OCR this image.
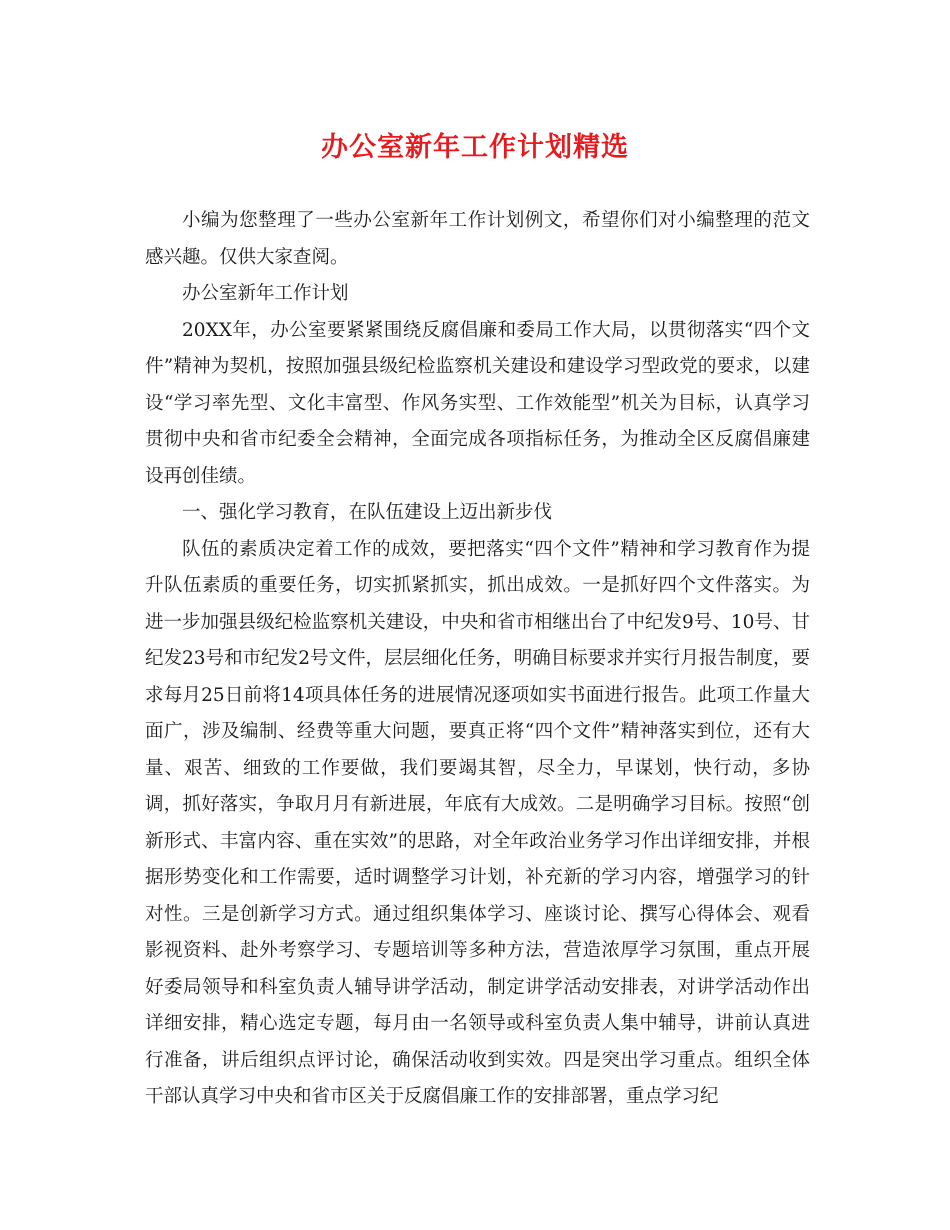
办公室新年工作计划精选

小编为您整理了一些办公室新年工作计划例文，希望你们对小编整理的范文感兴趣。仅供大家查阅。

办公室新年工作计划

20XX年，办公室要紧紧围绕反腐倡廉和委局工作大局，以贯彻落实“四个文件”精神为契机，按照加强县级纪检监察机关建设和建设学习型政党的要求，以建设“学习率先型、文化丰富型、作风务实型、工作效能型”机关为目标，认真学习贯彻中央和省市纪委全会精神，全面完成各项指标任务，为推动全区反腐倡廉建设再创佳绩。

一、强化学习教育，在队伍建设上迈出新步伐

队伍的素质决定着工作的成效，要把落实“四个文件”精神和学习教育作为提升队伍素质的重要任务，切实抓紧抓实，抓出成效。一是抓好四个文件落实。为进一步加强县级纪检监察机关建设，中央和省市相继出台了中纪发9号、10号、甘纪发23号和市纪发2号文件，层层细化任务，明确目标要求并实行月报告制度，要求每月25日前将14项具体任务的进展情况逐项如实书面进行报告。此项工作量大面广，涉及编制、经费等重大问题，要真正将“四个文件”精神落实到位，还有大量、艰苦、细致的工作要做，我们要竭其智，尽全力，早谋划，快行动，多协调，抓好落实，争取月月有新进展，年底有大成效。二是明确学习目标。按照“创新形式、丰富内容、重在实效”的思路，对全年政治业务学习作出详细安排，并根据形势变化和工作需要，适时调整学习计划，补充新的学习内容，增强学习的针对性。三是创新学习方式。通过组织集体学习、座谈讨论、撰写心得体会、观看影视资料、赴外考察学习、专题培训等多种方法，营造浓厚学习氛围，重点开展好委局领导和科室负责人辅导讲学活动，制定讲学活动安排表，对讲学活动作出详细安排，精心选定专题，每月由一名领导或科室负责人集中辅导，讲前认真进行准备，讲后组织点评讨论，确保活动收到实效。四是突出学习重点。组织全体干部认真学习中央和省市区关于反腐倡廉工作的安排部署，重点学习纪
